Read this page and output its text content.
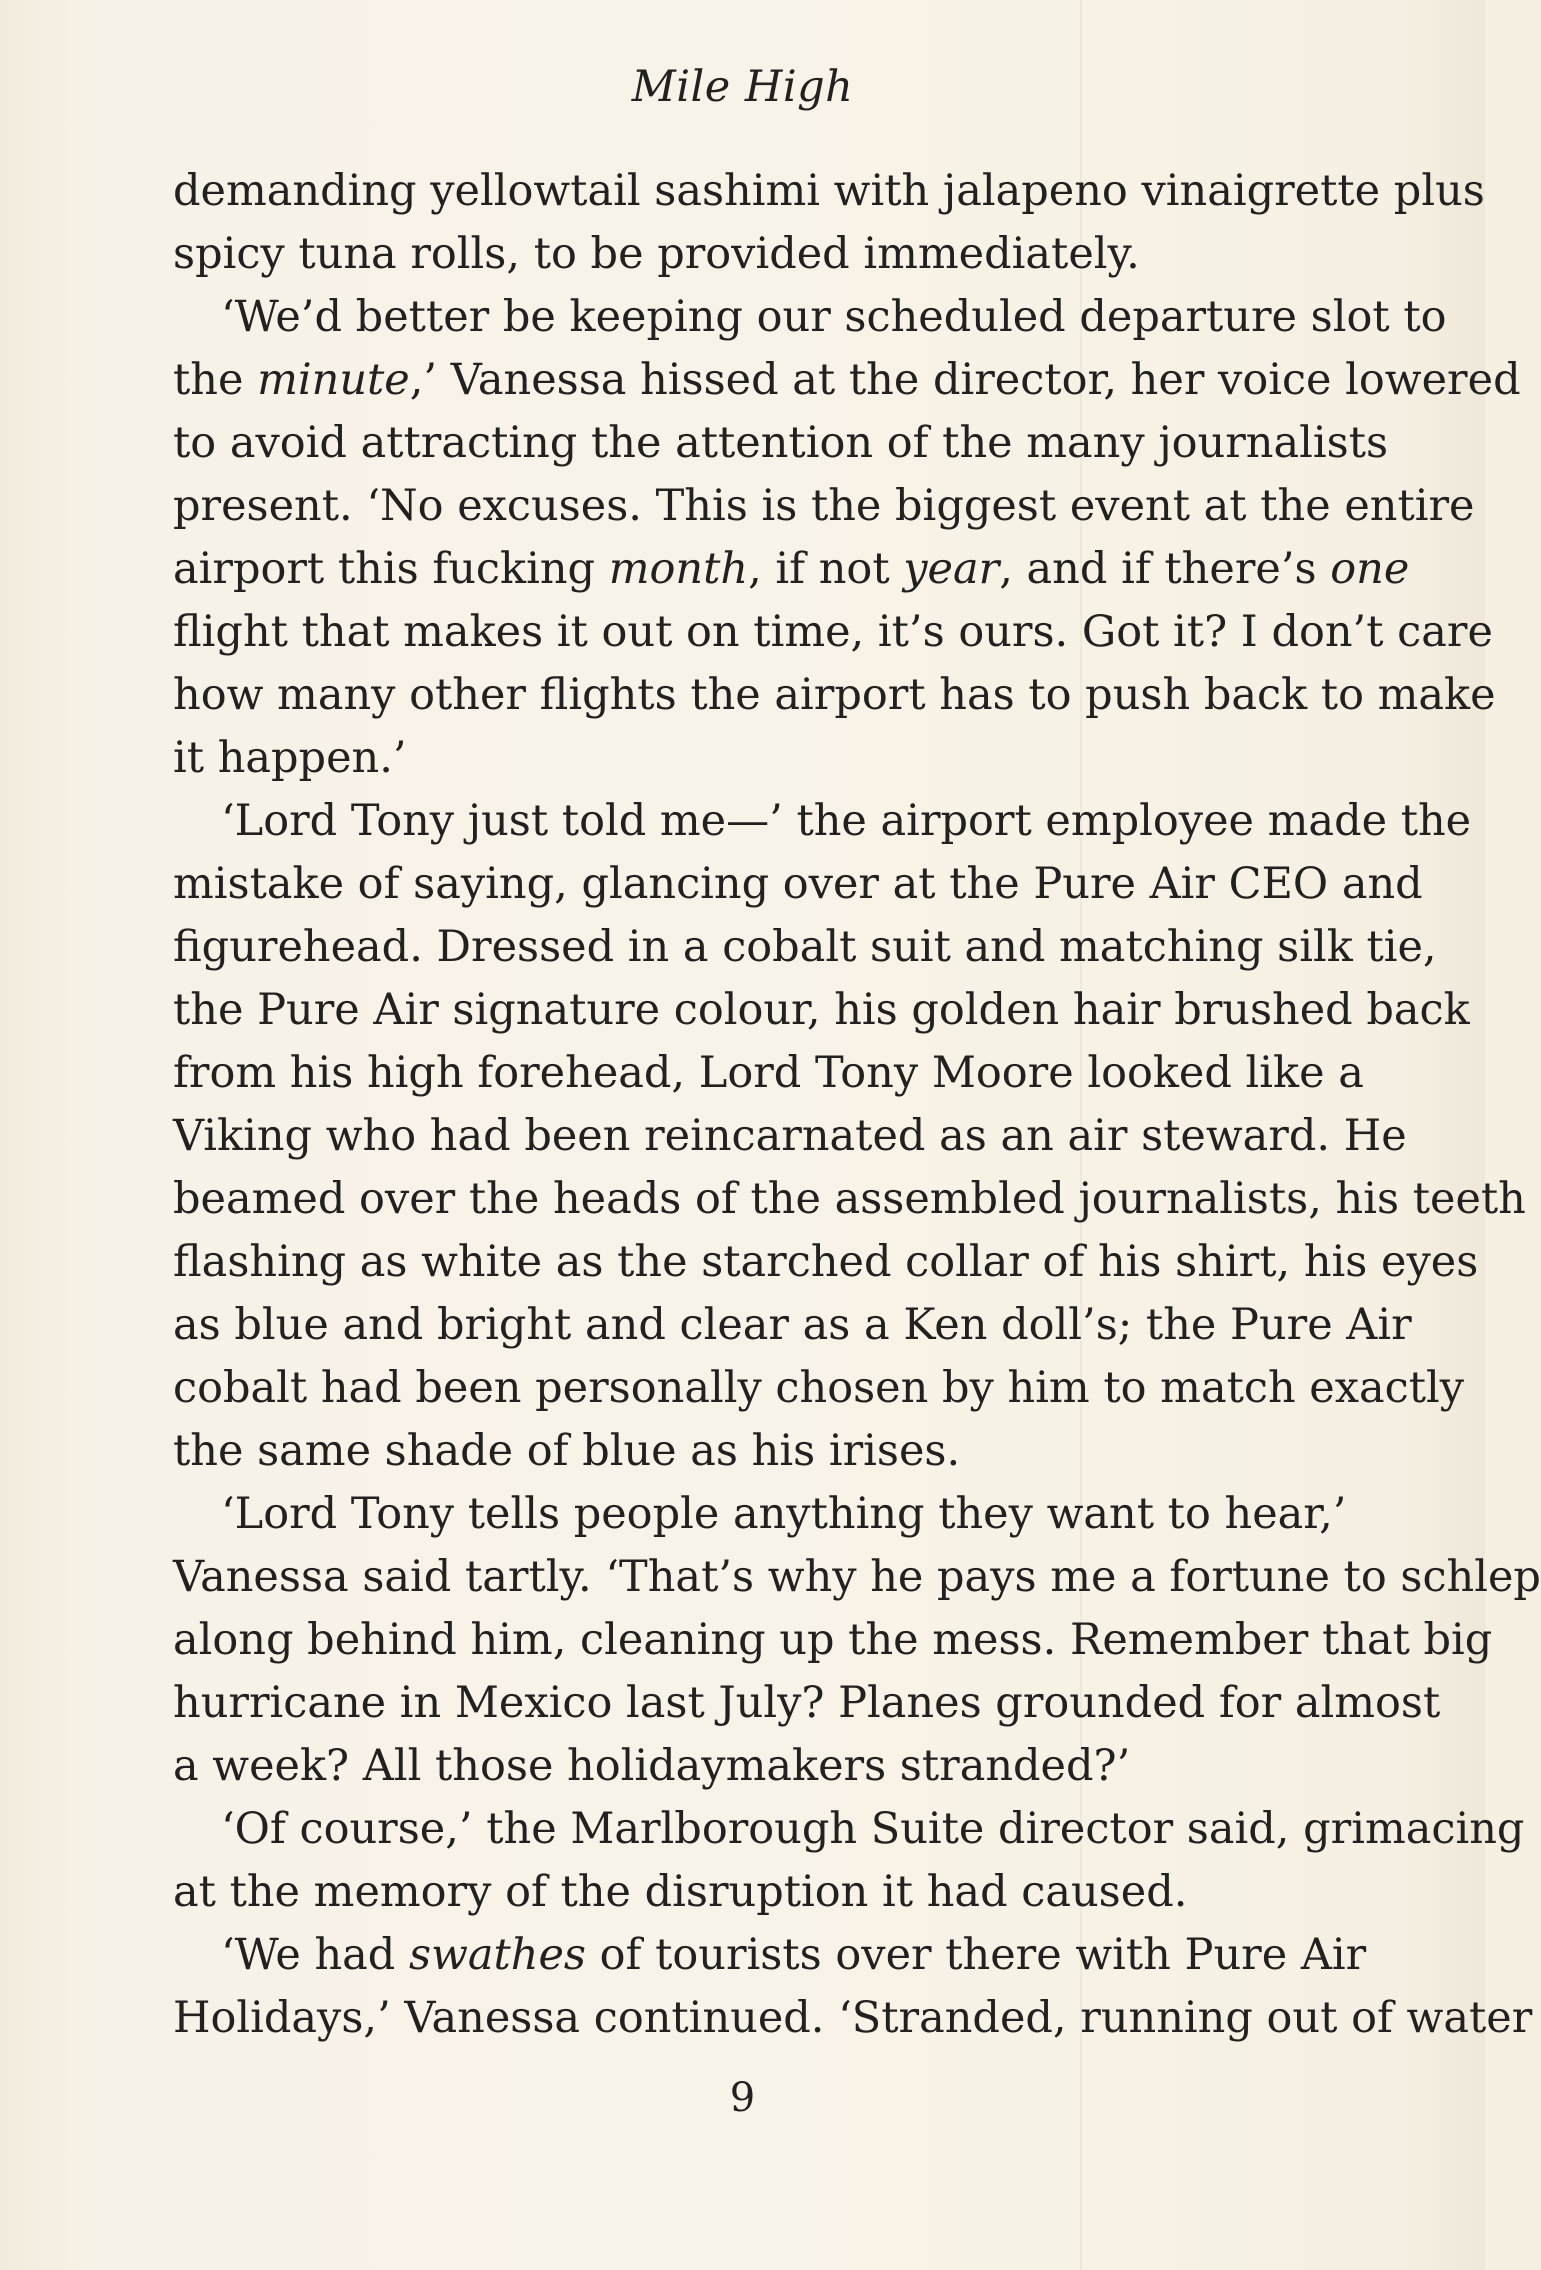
Mile High
demanding yellowtail sashimi with jalapeno vinaigrette plus
spicy tuna rolls, to be provided immediately.
‘We’d better be keeping our scheduled departure slot to
the minute,’ Vanessa hissed at the director, her voice lowered
to avoid attracting the attention of the many journalists
present. ‘No excuses. This is the biggest event at the entire
airport this fucking month, if not year, and if there’s one
flight that makes it out on time, it’s ours. Got it? I don’t care
how many other flights the airport has to push back to make
it happen.’
‘Lord Tony just told me—’ the airport employee made the
mistake of saying, glancing over at the Pure Air CEO and
figurehead. Dressed in a cobalt suit and matching silk tie,
the Pure Air signature colour, his golden hair brushed back
from his high forehead, Lord Tony Moore looked like a
Viking who had been reincarnated as an air steward. He
beamed over the heads of the assembled journalists, his teeth
flashing as white as the starched collar of his shirt, his eyes
as blue and bright and clear as a Ken doll’s; the Pure Air
cobalt had been personally chosen by him to match exactly
the same shade of blue as his irises.
‘Lord Tony tells people anything they want to hear,’
Vanessa said tartly. ‘That’s why he pays me a fortune to schlep
along behind him, cleaning up the mess. Remember that big
hurricane in Mexico last July? Planes grounded for almost
a week? All those holidaymakers stranded?’
‘Of course,’ the Marlborough Suite director said, grimacing
at the memory of the disruption it had caused.
‘We had swathes of tourists over there with Pure Air
Holidays,’ Vanessa continued. ‘Stranded, running out of water
9
